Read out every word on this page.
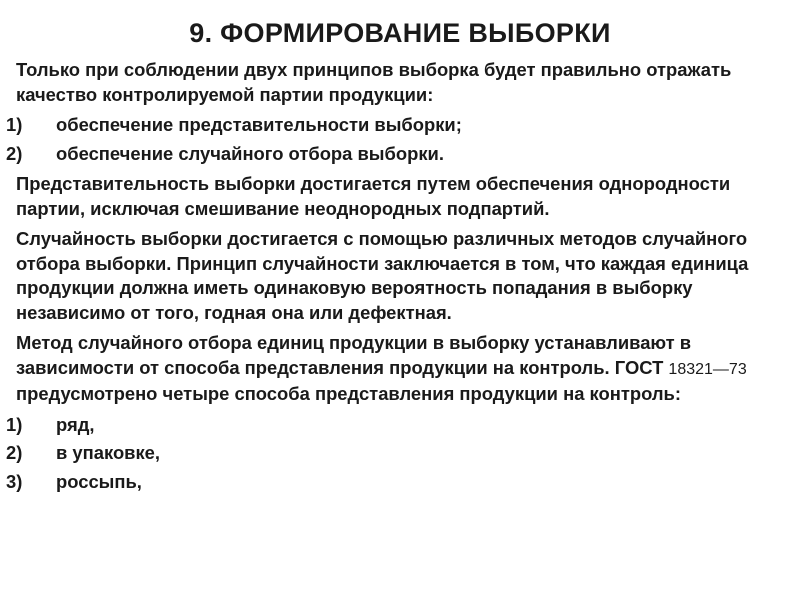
9. ФОРМИРОВАНИЕ ВЫБОРКИ

Только при соблюдении двух принципов выборка будет правильно отражать качество контролируемой партии продукции:

1)	обеспечение представительности выборки;
2)	обеспечение случайного отбора выборки.

Представительность выборки достигается путем обеспечения однородности партии, исключая смешивание неоднородных подпартий.

Случайность выборки достигается с помощью различных методов случайного отбора выборки. Принцип случайности заключается в том, что каждая единица продукции должна иметь одинаковую вероятность попадания в выборку независимо от того, годная она или дефектная.

Метод случайного отбора единиц продукции в выборку устанавливают в зависимости от способа представления продукции на контроль. ГОСТ 18321—73 предусмотрено четыре способа представления продукции на контроль:

1)	ряд,
2)	в упаковке,
3)	россыпь,
